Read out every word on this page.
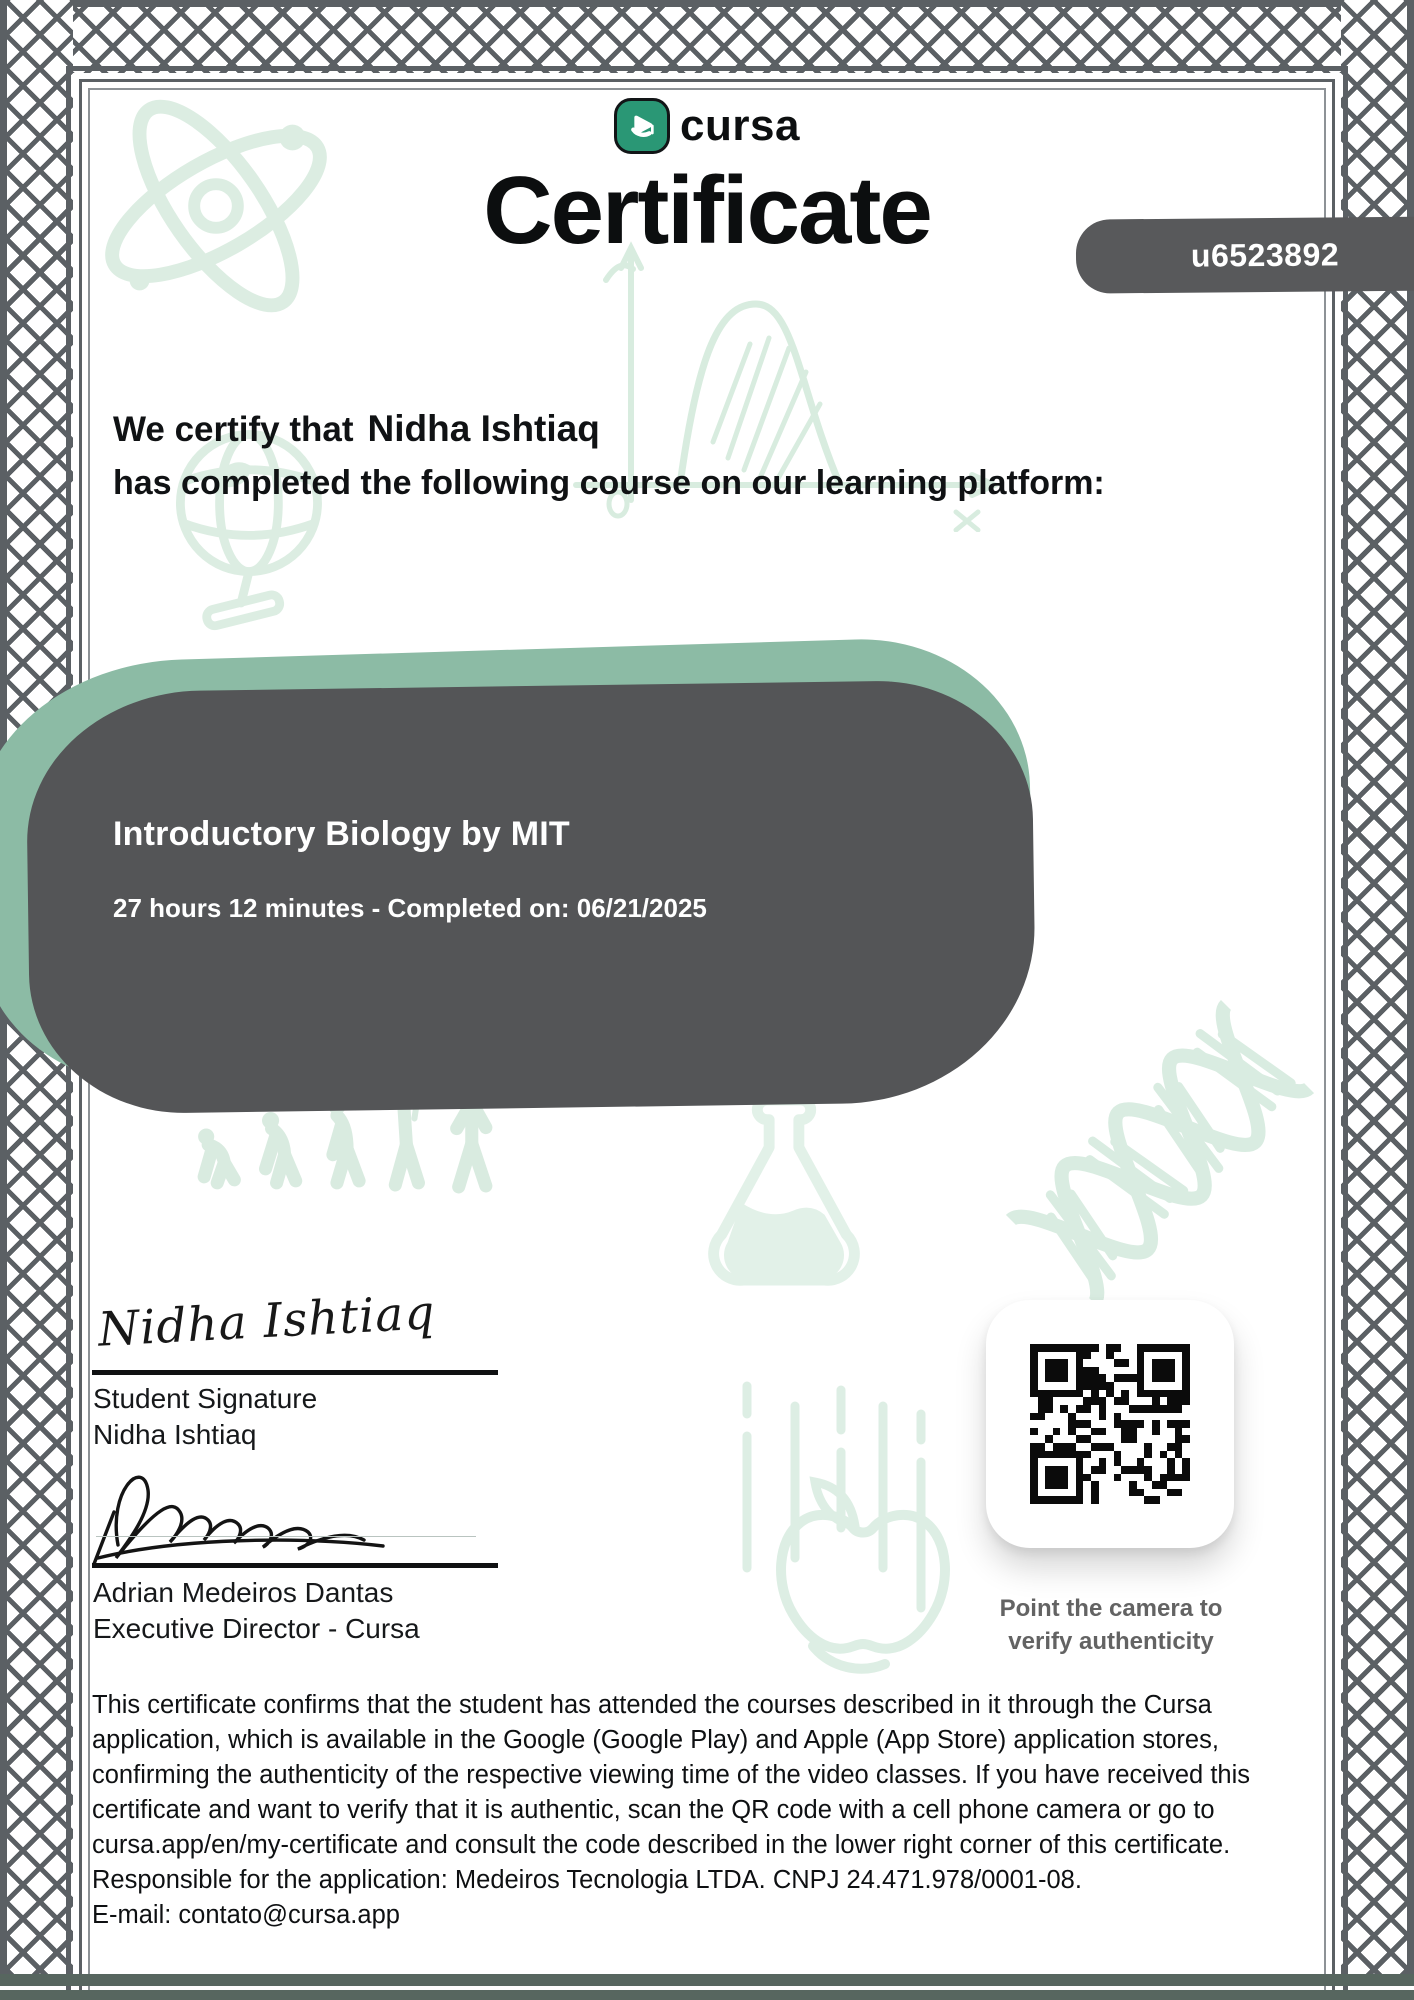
Introductory Biology by MIT
27 hours 12 minutes - Completed on: 06/21/2025
cursa
Certificate	u6523892
We certify that Nidha Ishtiaq
has completed the following course on our learning platform:
Nidha Ishtiaq
Student Signature
Nidha Ishtiaq
Adrian Medeiros Dantas
Executive Director - Cursa
Point the camera to
verify authenticity
This certificate confirms that the student has attended the courses described in it through the Cursa application, which is available in the Google (Google Play) and Apple (App Store) application stores, confirming the authenticity of the respective viewing time of the video classes. If you have received this certificate and want to verify that it is authentic, scan the QR code with a cell phone camera or go to cursa.app/en/my-certificate and consult the code described in the lower right corner of this certificate. Responsible for the application: Medeiros Tecnologia LTDA. CNPJ 24.471.978/0001-08.
E-mail: contato@cursa.app
